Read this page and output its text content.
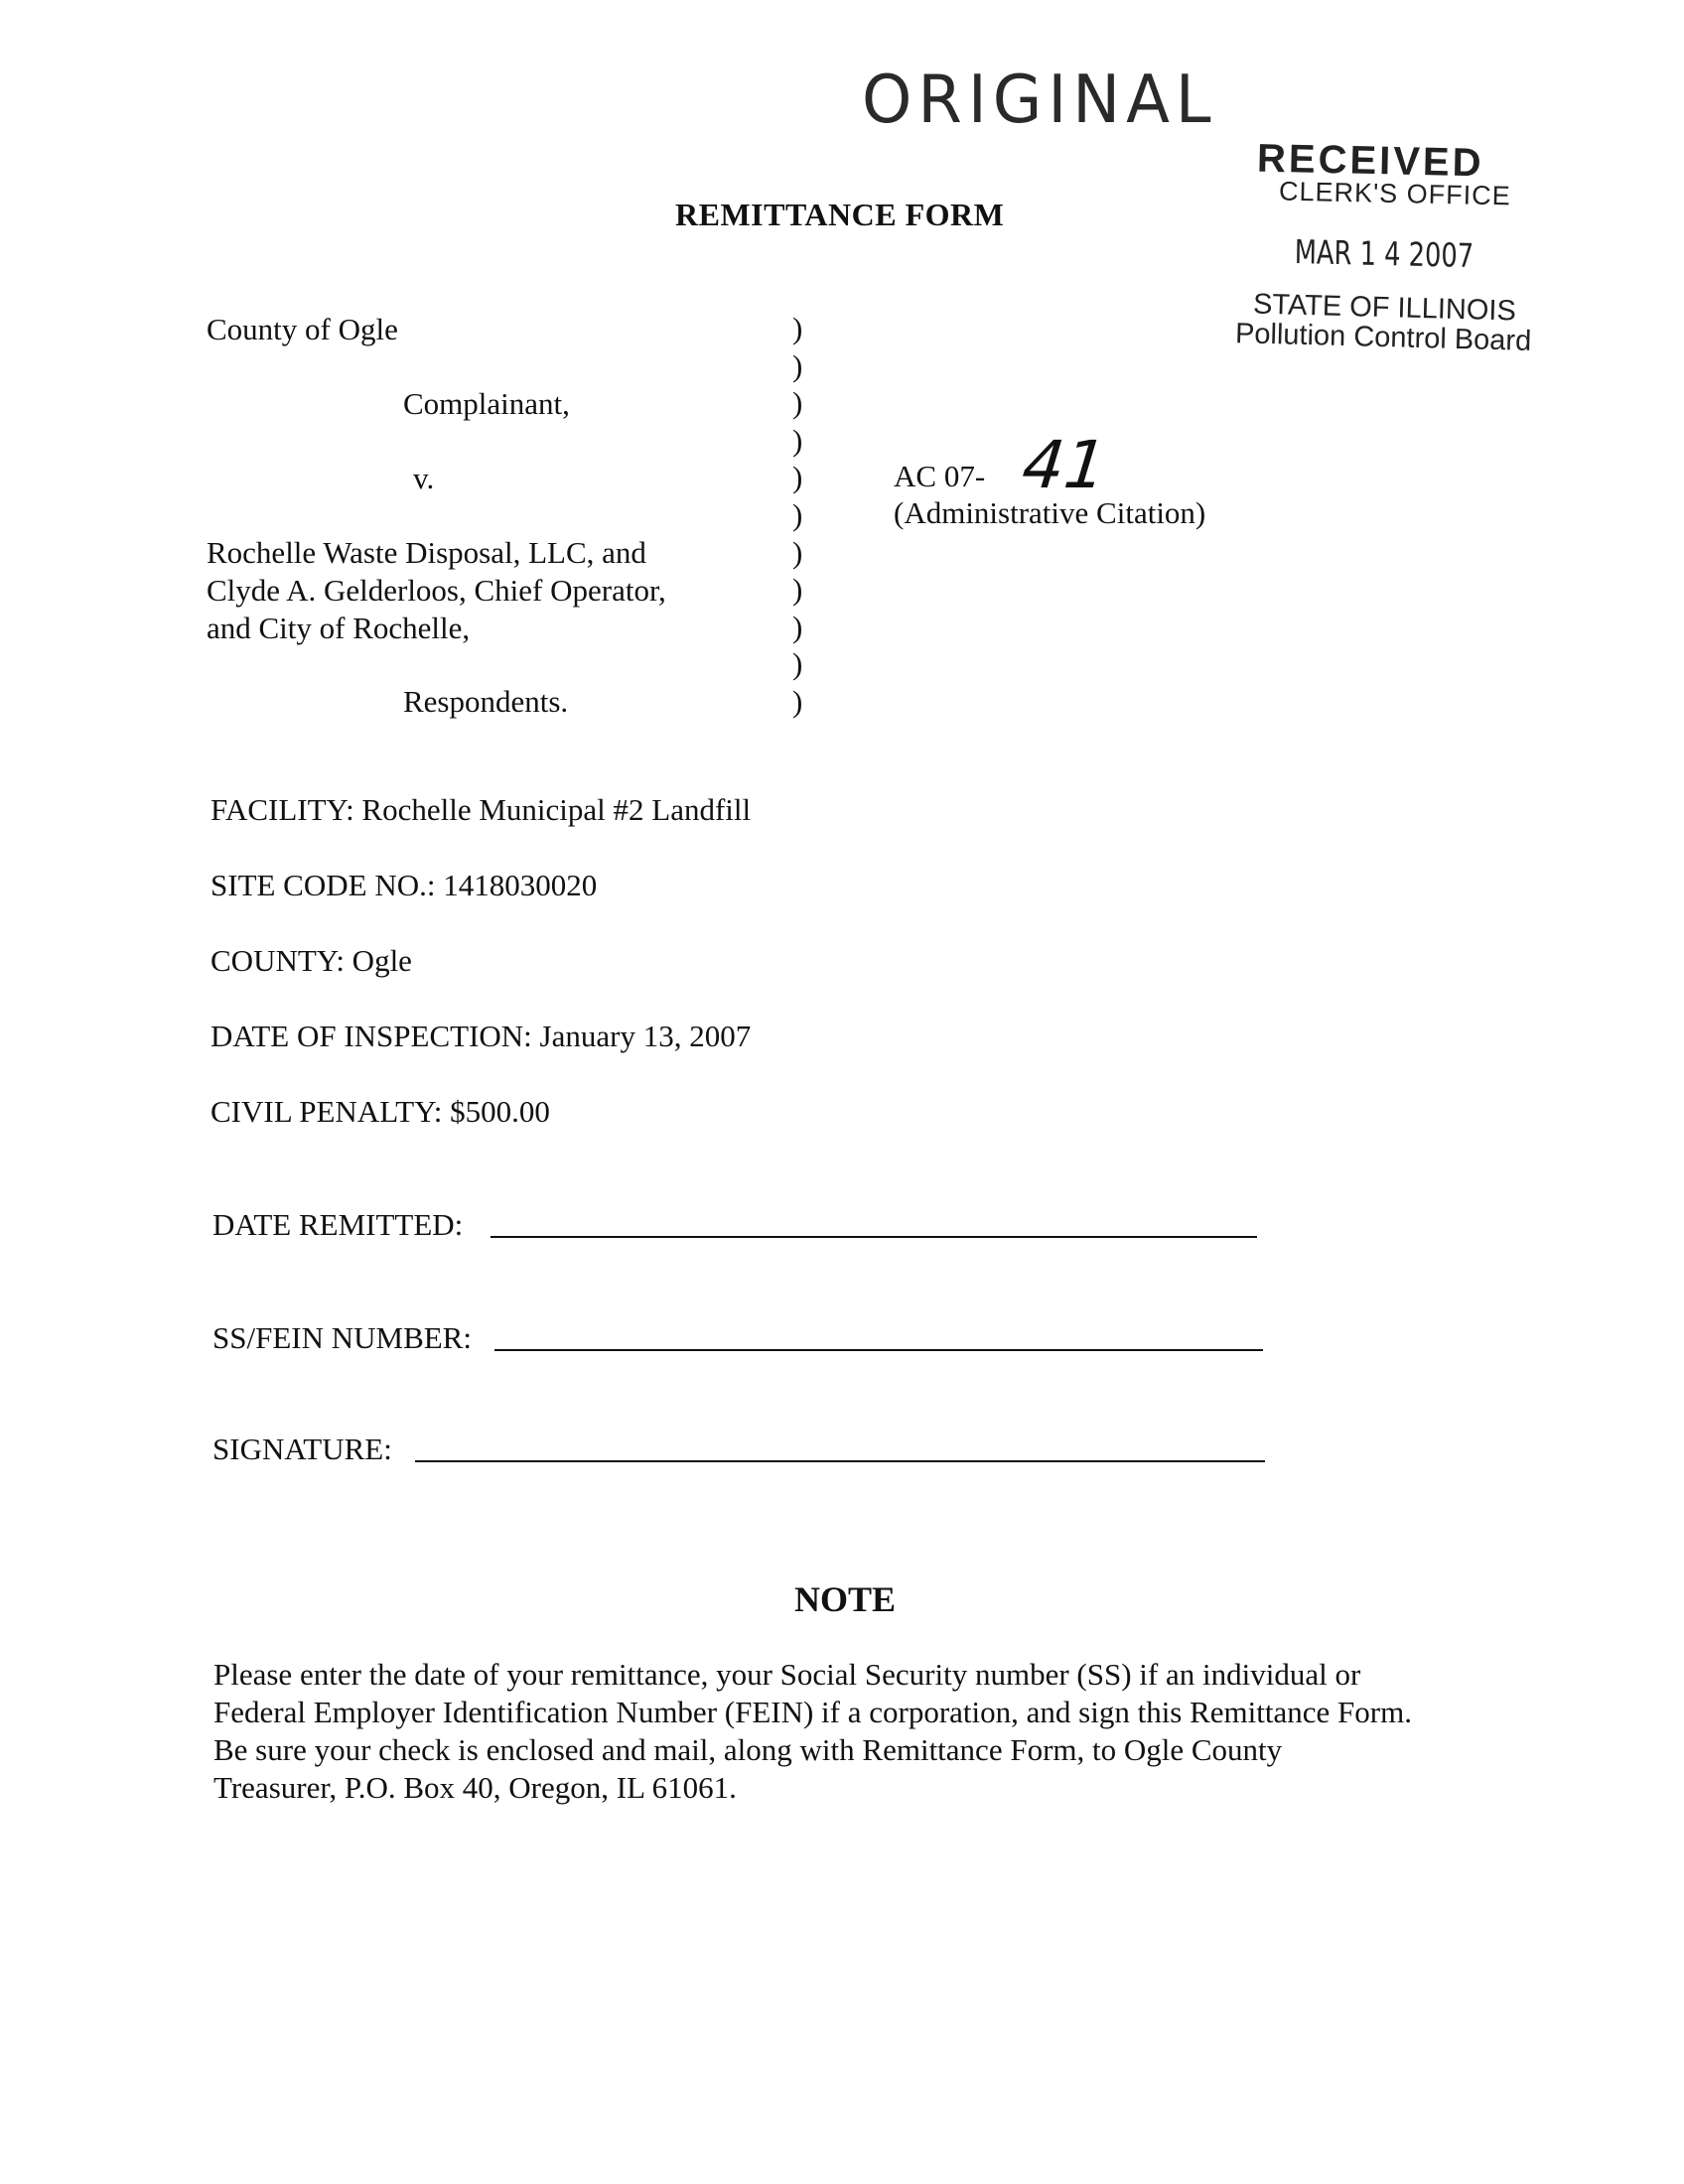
ORIGINAL
REMITTANCE FORM
RECEIVED
CLERK'S OFFICE
MAR 1 4 2007
STATE OF ILLINOIS
Pollution Control Board
County of Ogle
Complainant,
v.
Rochelle Waste Disposal, LLC, and
Clyde A. Gelderloos, Chief Operator,
and City of Rochelle,
Respondents.
)
)
)
)
)
)
)
)
)
)
)
AC 07- 41
(Administrative Citation)
FACILITY: Rochelle Municipal #2 Landfill
SITE CODE NO.: 1418030020
COUNTY: Ogle
DATE OF INSPECTION: January 13, 2007
CIVIL PENALTY: $500.00
DATE REMITTED:
SS/FEIN NUMBER:
SIGNATURE:
NOTE
Please enter the date of your remittance, your Social Security number (SS) if an individual or
Federal Employer Identification Number (FEIN) if a corporation, and sign this Remittance Form.
Be sure your check is enclosed and mail, along with Remittance Form, to Ogle County
Treasurer, P.O. Box 40, Oregon, IL 61061.
